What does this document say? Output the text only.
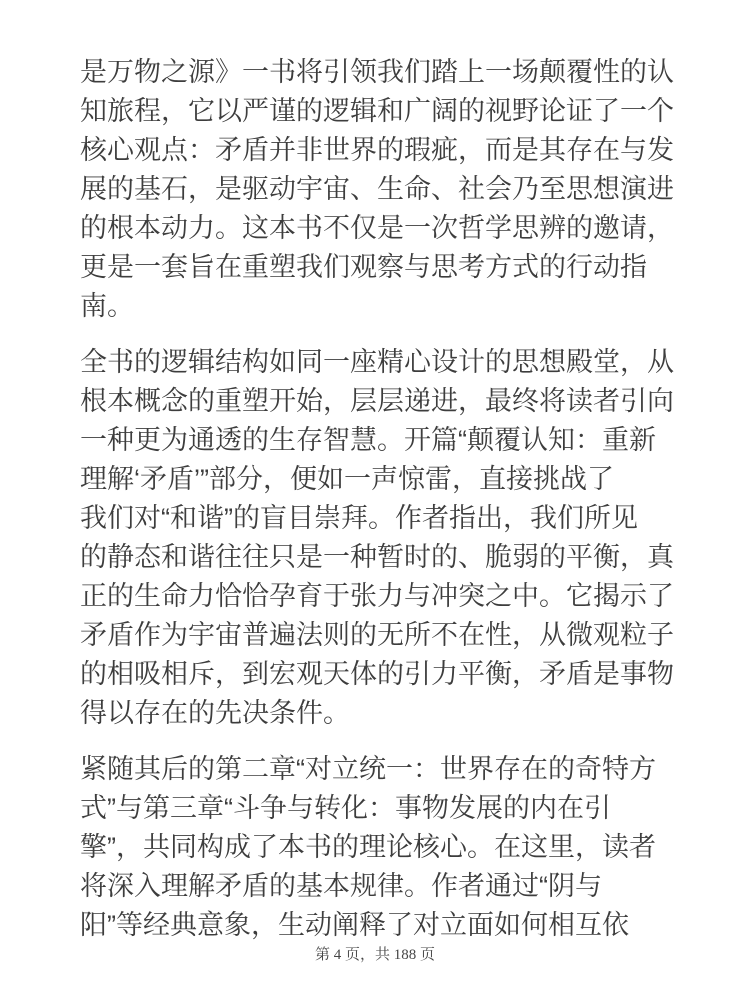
是万物之源》一书将引领我们踏上一场颠覆性的认
知旅程，它以严谨的逻辑和广阔的视野论证了一个
核心观点：矛盾并非世界的瑕疵，而是其存在与发
展的基石，是驱动宇宙、生命、社会乃至思想演进
的根本动力。这本书不仅是一次哲学思辨的邀请，
更是一套旨在重塑我们观察与思考方式的行动指
南。
全书的逻辑结构如同一座精心设计的思想殿堂，从
根本概念的重塑开始，层层递进，最终将读者引向
一种更为通透的生存智慧。开篇“颠覆认知：重新
理解‘矛盾’”部分，便如一声惊雷，直接挑战了
我们对“和谐”的盲目崇拜。作者指出，我们所见
的静态和谐往往只是一种暂时的、脆弱的平衡，真
正的生命力恰恰孕育于张力与冲突之中。它揭示了
矛盾作为宇宙普遍法则的无所不在性，从微观粒子
的相吸相斥，到宏观天体的引力平衡，矛盾是事物
得以存在的先决条件。
紧随其后的第二章“对立统一：世界存在的奇特方
式”与第三章“斗争与转化：事物发展的内在引
擎”，共同构成了本书的理论核心。在这里，读者
将深入理解矛盾的基本规律。作者通过“阴与
阳”等经典意象，生动阐释了对立面如何相互依
第 4 页，共 188 页
